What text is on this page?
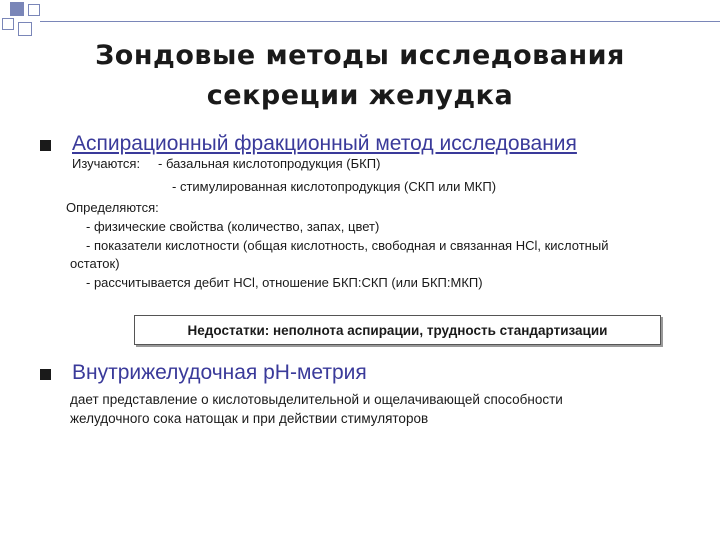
Зондовые методы исследования
секреции желудка
Аспирационный фракционный метод исследования
Изучаются: - базальная кислотопродукция (БКП)
- стимулированная кислотопродукция (СКП или МКП)
Определяются:
- физические свойства (количество, запах, цвет)
- показатели кислотности (общая кислотность, свободная и связанная HCl, кислотный
остаток)
- рассчитывается дебит HCl, отношение БКП:СКП (или БКП:МКП)
Недостатки: неполнота аспирации, трудность стандартизации
Внутрижелудочная рН-метрия
дает представление о кислотовыделительной и ощелачивающей способности
желудочного сока натощак и при действии стимуляторов
